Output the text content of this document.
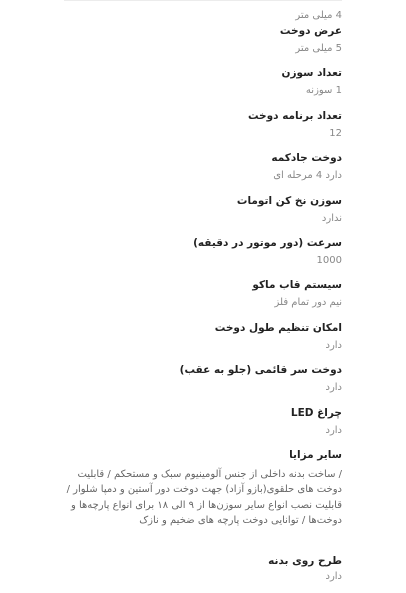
4 میلی متر
عرض دوخت
5 میلی متر
تعداد سوزن
1 سوزنه
تعداد برنامه دوخت
12
دوخت جادکمه
دارد 4 مرحله ای
سوزن نخ کن اتومات
ندارد
سرعت (دور موتور در دقیقه)
1000
سیستم قاب ماکو
نیم دور تمام فلز
امکان تنظیم طول دوخت
دارد
دوخت سر قائمی (جلو به عقب)
دارد
چراغ LED
دارد
سایر مزایا
/ ساخت بدنه داخلی از جنس آلومینیوم سبک و مستحکم / قابلیت دوخت های حلقوی(بازو آزاد) جهت دوخت دور آستین و دمپا شلوار / قابلیت نصب انواع سایر سوزن‌ها از ۹ الی ۱۸ برای انواع پارچه‌ها و دوخت‌ها / توانایی دوخت پارچه های ضخیم و نازک
طرح روی بدنه
دارد
